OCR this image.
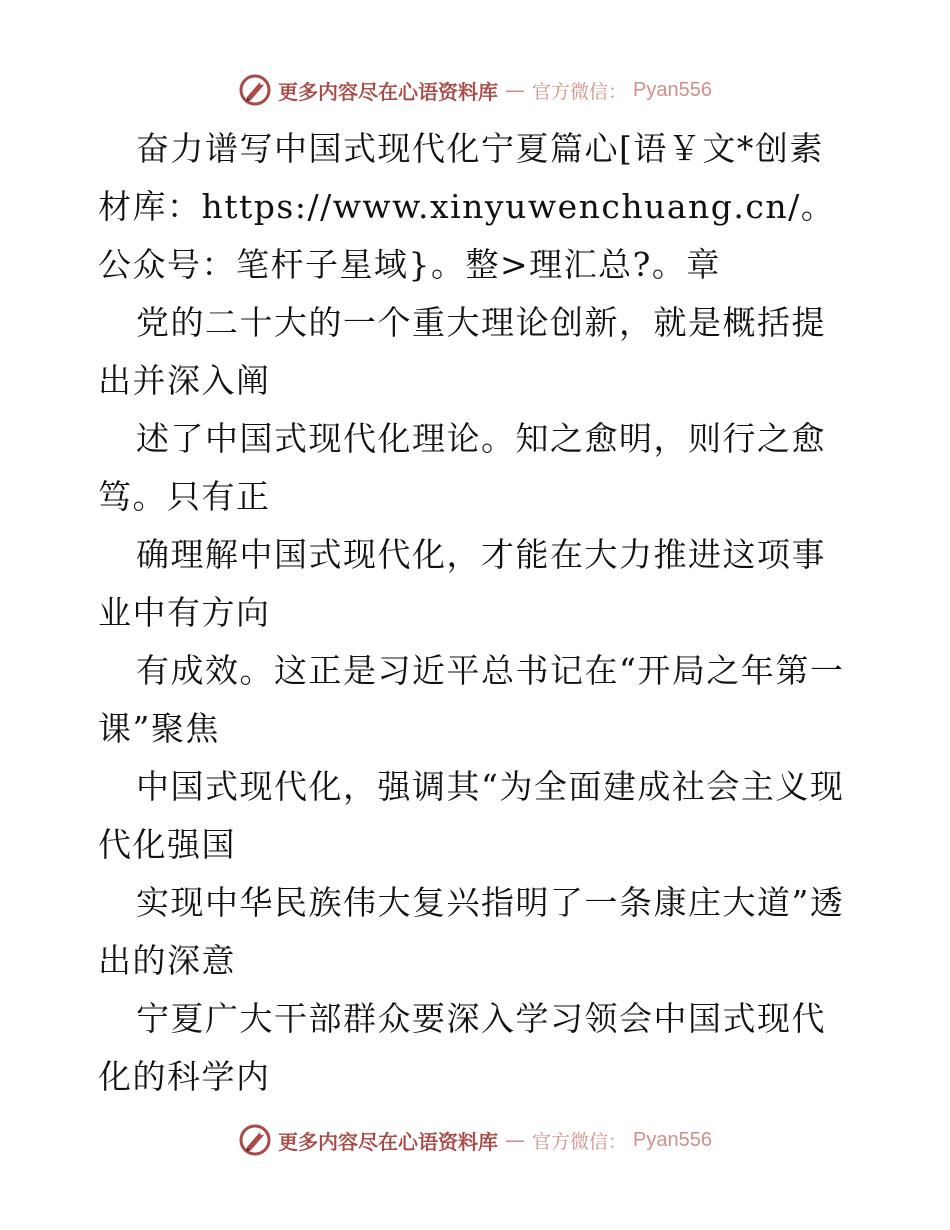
更多内容尽在心语资料库 — 官方微信： Pyan556

奋力谱写中国式现代化宁夏篇心[语￥文*创素材库：https://www.xinyuwenchuang.cn/。公众号：笔杆子星域}。整>理汇总?。章

党的二十大的一个重大理论创新，就是概括提出并深入阐

述了中国式现代化理论。知之愈明，则行之愈笃。只有正

确理解中国式现代化，才能在大力推进这项事业中有方向

有成效。这正是习近平总书记在“开局之年第一课”聚焦

中国式现代化，强调其“为全面建成社会主义现代化强国

实现中华民族伟大复兴指明了一条康庄大道”透出的深意

宁夏广大干部群众要深入学习领会中国式现代化的科学内

更多内容尽在心语资料库 — 官方微信： Pyan556
